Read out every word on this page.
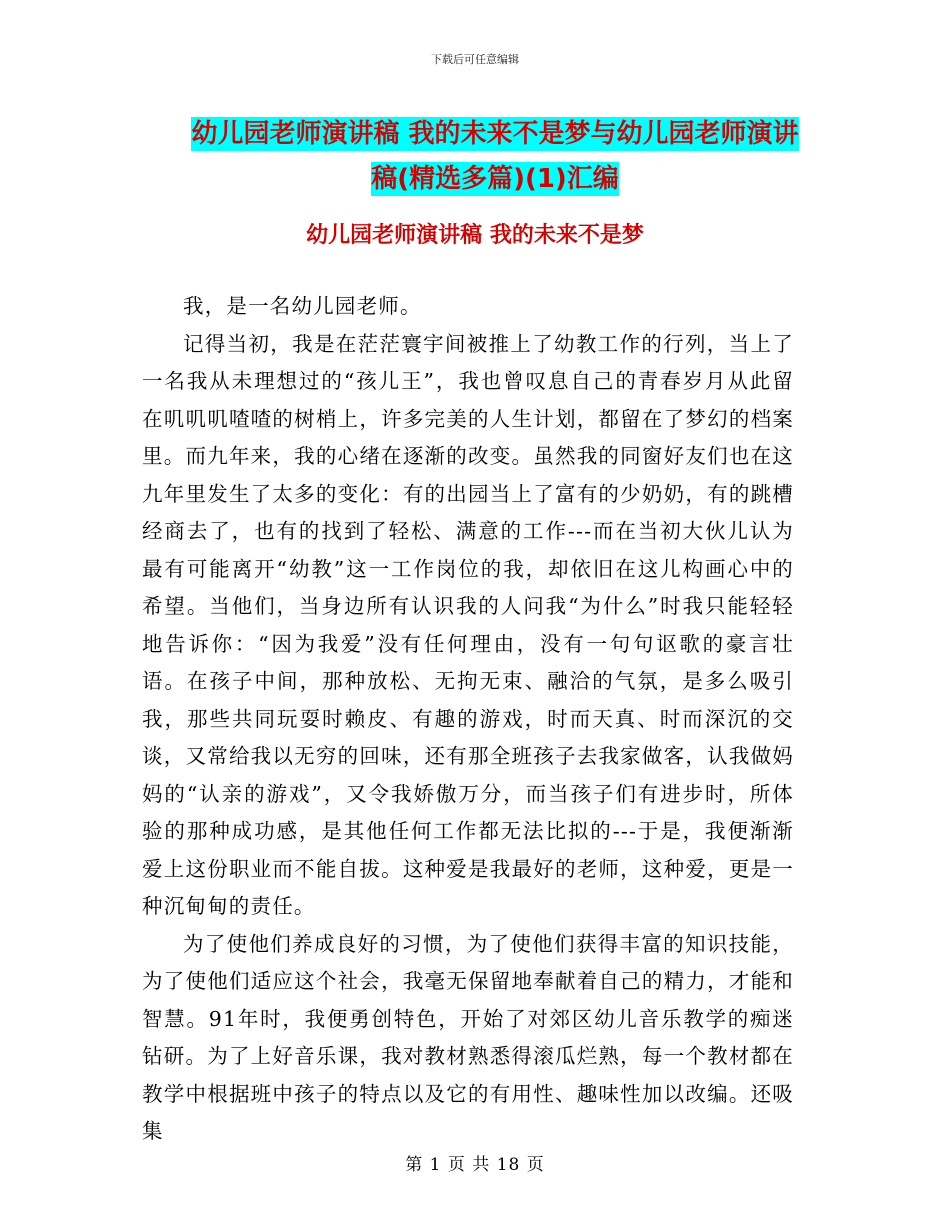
下载后可任意编辑
幼儿园老师演讲稿 我的未来不是梦与幼儿园老师演讲
稿(精选多篇)(1)汇编
幼儿园老师演讲稿 我的未来不是梦

我，是一名幼儿园老师。

记得当初，我是在茫茫寰宇间被推上了幼教工作的行列，当上了一名我从未理想过的“孩儿王”，我也曾叹息自己的青春岁月从此留在叽叽叽喳喳的树梢上，许多完美的人生计划，都留在了梦幻的档案里。而九年来，我的心绪在逐渐的改变。虽然我的同窗好友们也在这九年里发生了太多的变化：有的出园当上了富有的少奶奶，有的跳槽经商去了，也有的找到了轻松、满意的工作---而在当初大伙儿认为最有可能离开“幼教”这一工作岗位的我，却依旧在这儿构画心中的希望。当他们，当身边所有认识我的人问我“为什么”时我只能轻轻地告诉你：“因为我爱”没有任何理由，没有一句句讴歌的豪言壮语。在孩子中间，那种放松、无拘无束、融洽的气氛，是多么吸引我，那些共同玩耍时赖皮、有趣的游戏，时而天真、时而深沉的交谈，又常给我以无穷的回味，还有那全班孩子去我家做客，认我做妈妈的“认亲的游戏”，又令我娇傲万分，而当孩子们有进步时，所体验的那种成功感，是其他任何工作都无法比拟的---于是，我便渐渐爱上这份职业而不能自拔。这种爱是我最好的老师，这种爱，更是一种沉甸甸的责任。

为了使他们养成良好的习惯，为了使他们获得丰富的知识技能，为了使他们适应这个社会，我毫无保留地奉献着自己的精力，才能和智慧。91年时，我便勇创特色，开始了对郊区幼儿音乐教学的痴迷钻研。为了上好音乐课，我对教材熟悉得滚瓜烂熟，每一个教材都在教学中根据班中孩子的特点以及它的有用性、趣味性加以改编。还吸集

第 1 页 共 18 页
